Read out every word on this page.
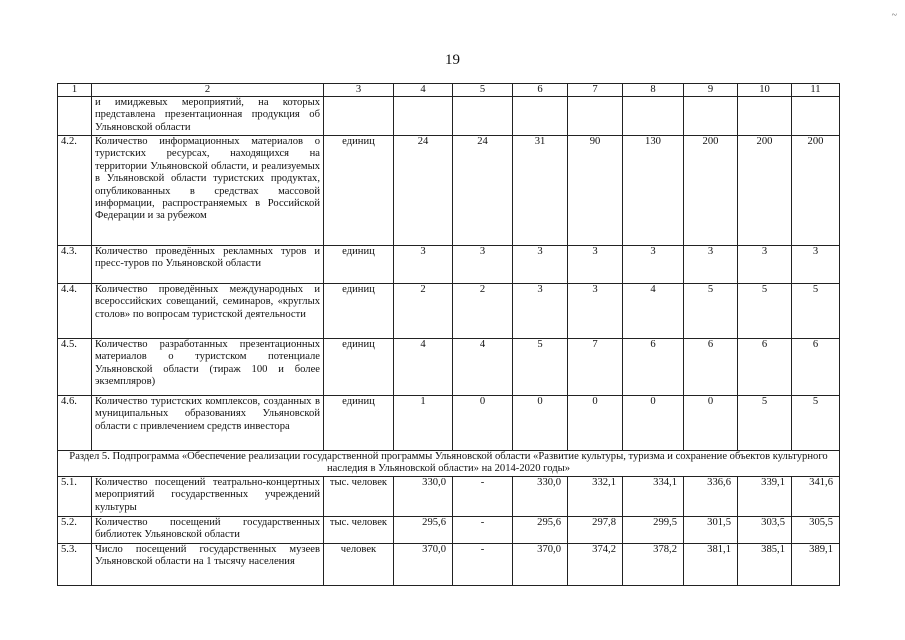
19
~
1	2	3	4	5	6	7	8	9	10	11
	и имиджевых мероприятий, на которых представлена презентационная продукция об Ульяновской области									
4.2.	Количество информационных материалов о туристских ресурсах, находящихся на территории Ульяновской области, и реализуемых в Ульяновской области туристских продуктах, опубликованных в средствах массовой информации, распространяемых в Российской Федерации и за рубежом	единиц	24	24	31	90	130	200	200	200
4.3.	Количество проведённых рекламных туров и пресс-туров по Ульяновской области	единиц	3	3	3	3	3	3	3	3
4.4.	Количество проведённых международных и всероссийских совещаний, семинаров, «круглых столов» по вопросам туристской деятельности	единиц	2	2	3	3	4	5	5	5
4.5.	Количество разработанных презентационных материалов о туристском потенциале Ульяновской области (тираж 100 и более экземпляров)	единиц	4	4	5	7	6	6	6	6
4.6.	Количество туристских комплексов, созданных в муниципальных образованиях Ульяновской области с привлечением средств инвестора	единиц	1	0	0	0	0	0	5	5
Раздел 5. Подпрограмма «Обеспечение реализации государственной программы Ульяновской области «Развитие культуры, туризма и сохранение объектов культурного наследия в Ульяновской области» на 2014-2020 годы»										
5.1.	Количество посещений театрально-концертных мероприятий государственных учреждений культуры	тыс. человек	330,0	-	330,0	332,1	334,1	336,6	339,1	341,6
5.2.	Количество посещений государственных библиотек Ульяновской области	тыс. человек	295,6	-	295,6	297,8	299,5	301,5	303,5	305,5
5.3.	Число посещений государственных музеев Ульяновской области на 1 тысячу населения	человек	370,0	-	370,0	374,2	378,2	381,1	385,1	389,1
